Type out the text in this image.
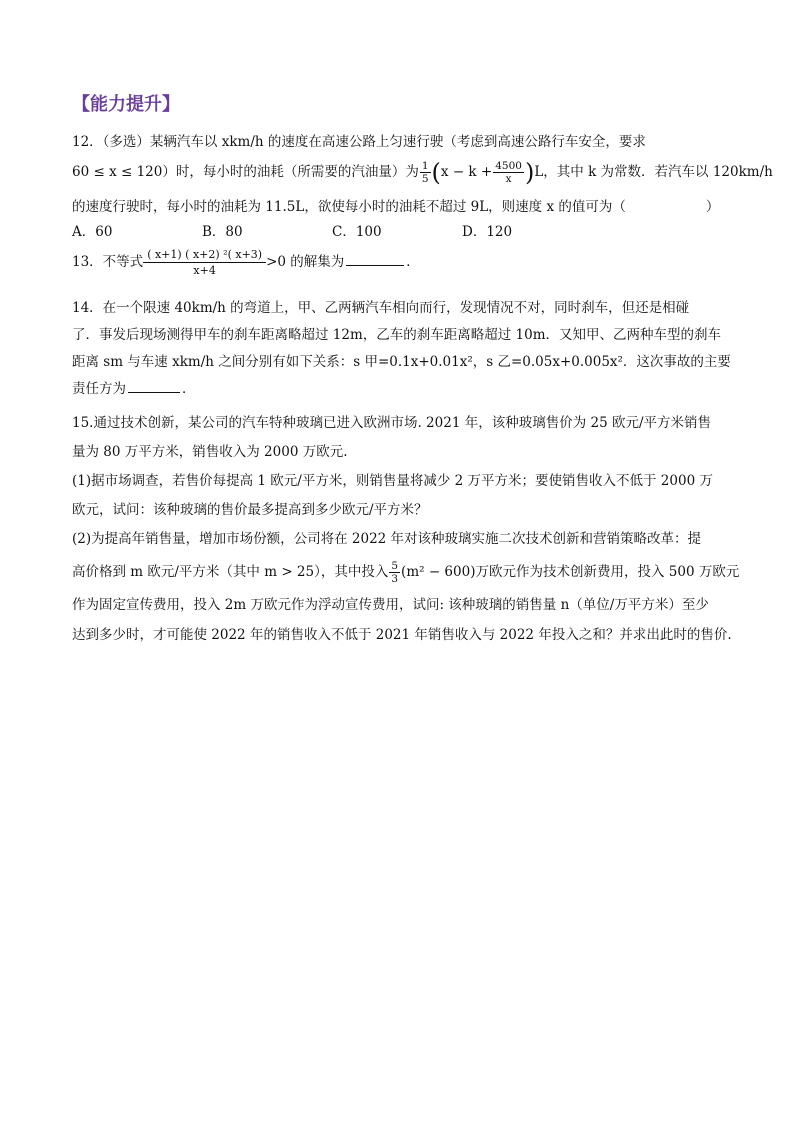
【能力提升】
12．（多选）某辆汽车以 xkm/h 的速度在高速公路上匀速行驶（考虑到高速公路行车安全，要求
60 ≤ x ≤ 120）时，每小时的油耗（所需要的汽油量）为 $\frac{1}{5} (x - k + \frac{4500}{x} )L$，其中 k 为常数．若汽车以 120km/h
的速度行驶时，每小时的油耗为 11.5L，欲使每小时的油耗不超过 9L，则速度 x 的值可为（	）
A．60	B．80	C．100	D．120
13．不等式 $\frac{\text{( x+1) ( x+2) ²( x+3)}}{x+4} >0$ 的解集为	．
14．在一个限速 40km/h 的弯道上，甲、乙两辆汽车相向而行，发现情况不对，同时刹车，但还是相碰
了．事发后现场测得甲车的刹车距离略超过 12m，乙车的刹车距离略超过 10m．又知甲、乙两种车型的刹车
距离 sm 与车速 xkm/h 之间分别有如下关系：s 甲=0.1x+0.01x²，s 乙=0.05x+0.005x²．这次事故的主要
责任方为	．
15.通过技术创新，某公司的汽车特种玻璃已进入欧洲市场. 2021 年，该种玻璃售价为 25 欧元/平方米销售
量为 80 万平方米，销售收入为 2000 万欧元.
(1)据市场调查，若售价每提高 1 欧元/平方米，则销售量将减少 2 万平方米；要使销售收入不低于 2000 万
欧元，试问：该种玻璃的售价最多提高到多少欧元/平方米？
(2)为提高年销售量，增加市场份额，公司将在 2022 年对该种玻璃实施二次技术创新和营销策略改革：提
高价格到 m 欧元/平方米（其中 m > 25），其中投入 $\frac{5}{3} (m^2 - 600)$万欧元作为技术创新费用，投入 500 万欧元
作为固定宣传费用，投入 2m 万欧元作为浮动宣传费用，试问: 该种玻璃的销售量 n（单位/万平方米）至少
达到多少时，才可能使 2022 年的销售收入不低于 2021 年销售收入与 2022 年投入之和？并求出此时的售价.
